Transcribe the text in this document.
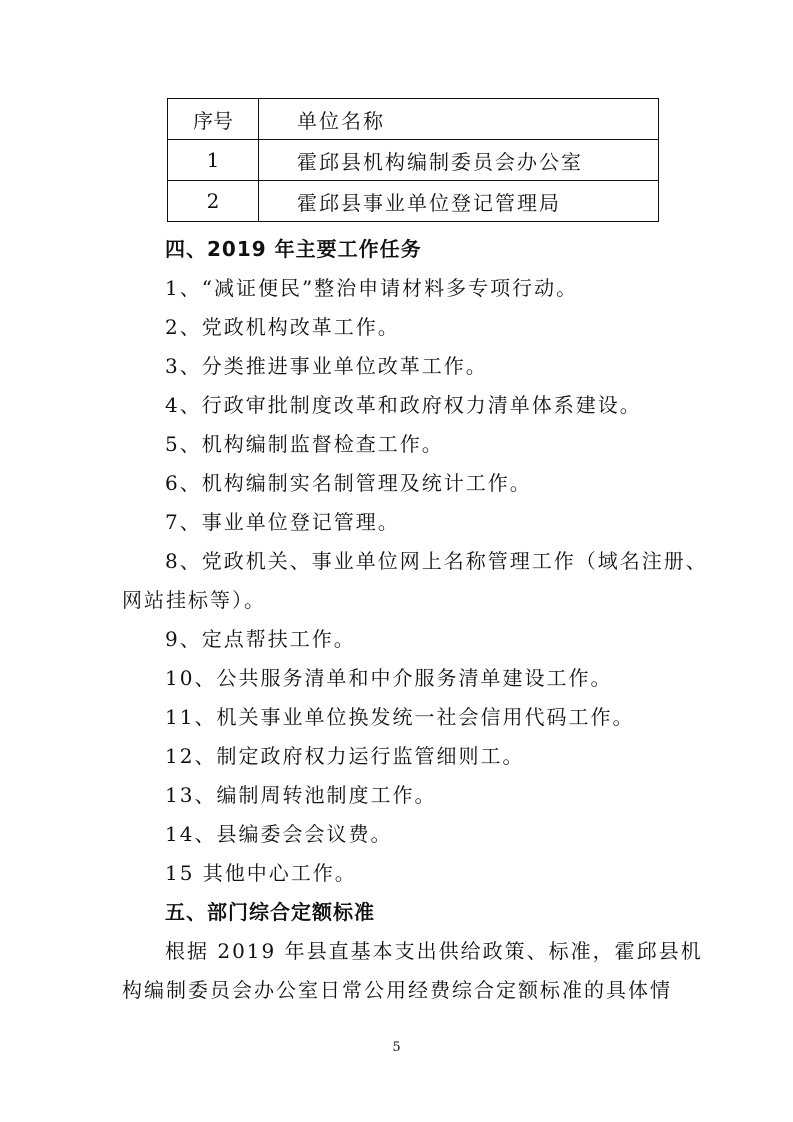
序号	单位名称
1	霍邱县机构编制委员会办公室
2	霍邱县事业单位登记管理局
四、2019 年主要工作任务
1、“减证便民”整治申请材料多专项行动。
2、党政机构改革工作。
3、分类推进事业单位改革工作。
4、行政审批制度改革和政府权力清单体系建设。
5、机构编制监督检查工作。
6、机构编制实名制管理及统计工作。
7、事业单位登记管理。
8、党政机关、事业单位网上名称管理工作（域名注册、
网站挂标等）。
9、定点帮扶工作。
10、公共服务清单和中介服务清单建设工作。
11、机关事业单位换发统一社会信用代码工作。
12、制定政府权力运行监管细则工。
13、编制周转池制度工作。
14、县编委会会议费。
15 其他中心工作。
五、部门综合定额标准
根据 2019 年县直基本支出供给政策、标准，霍邱县机
构编制委员会办公室日常公用经费综合定额标准的具体情
5
